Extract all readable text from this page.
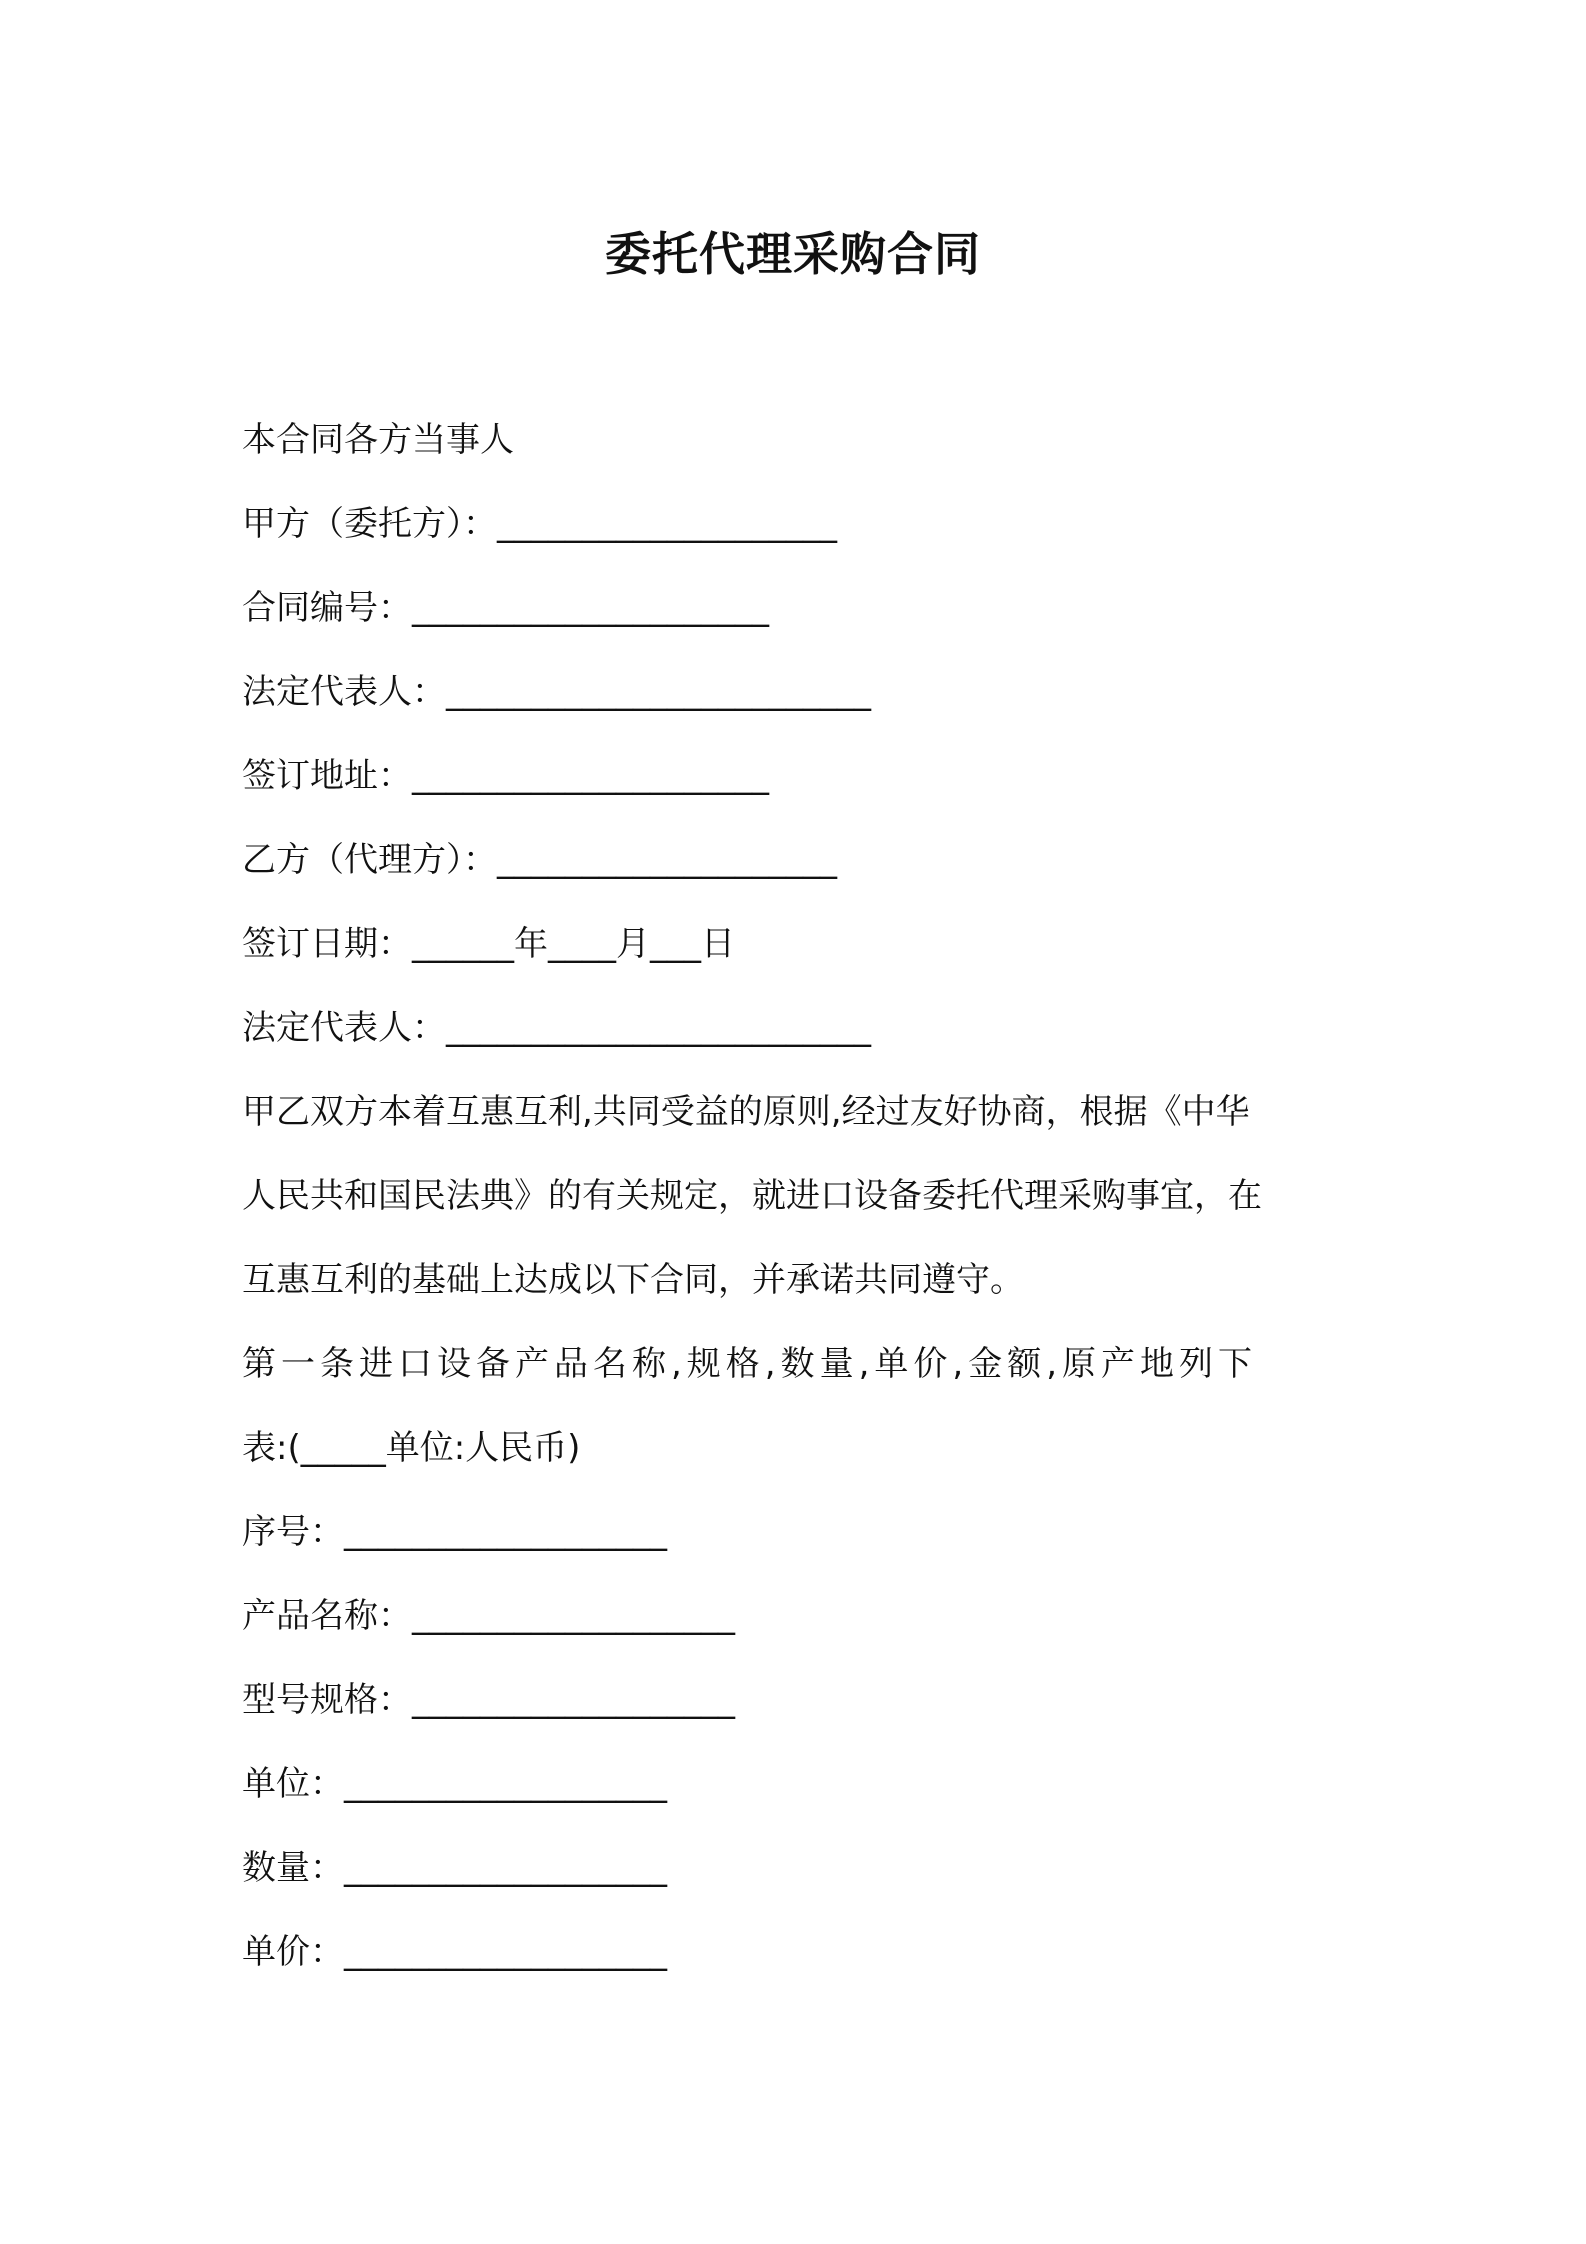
委托代理采购合同
本合同各方当事人
甲方（委托方）：____________________
合同编号：_____________________
法定代表人：_________________________
签订地址：_____________________
乙方（代理方）：____________________
签订日期：______年____月___日
法定代表人：_________________________
甲乙双方本着互惠互利,共同受益的原则,经过友好协商，根据《中华
人民共和国民法典》的有关规定，就进口设备委托代理采购事宜，在
互惠互利的基础上达成以下合同，并承诺共同遵守。
第一条进口设备产品名称,规格,数量,单价,金额,原产地列下
表:(_____单位:人民币)
序号：___________________
产品名称：___________________
型号规格：___________________
单位：___________________
数量：___________________
单价：___________________
